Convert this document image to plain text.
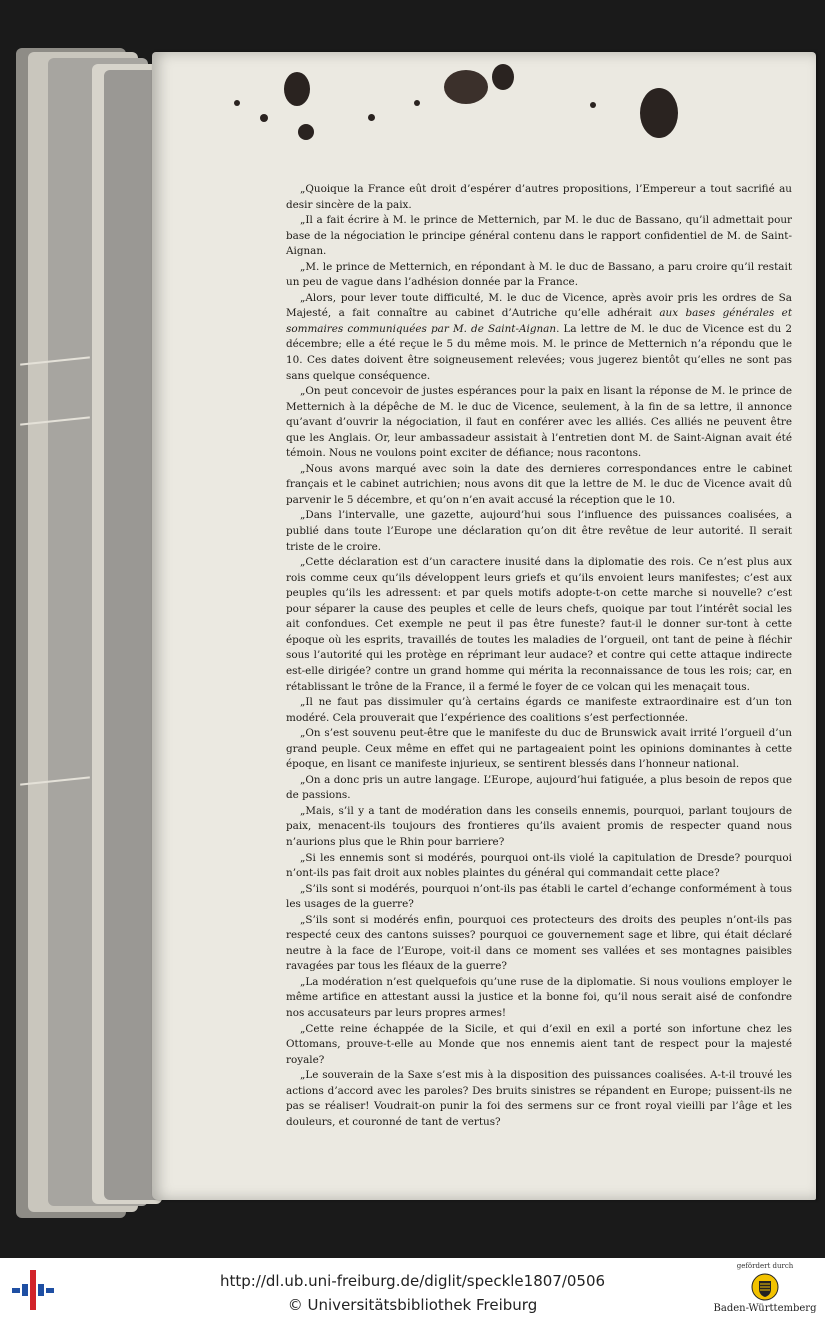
„Quoique la France eût droit d’espérer d’autres propositions, l’Empereur a tout sacrifié au desir sincère de la paix.

„Il a fait écrire à M. le prince de Metternich, par M. le duc de Bassano, qu’il admettait pour base de la négociation le principe général contenu dans le rapport confidentiel de M. de Saint-Aignan.

„M. le prince de Metternich, en répondant à M. le duc de Bassano, a paru croire qu’il restait un peu de vague dans l’adhésion donnée par la France.

„Alors, pour lever toute difficulté, M. le duc de Vicence, après avoir pris les ordres de Sa Majesté, a fait connaître au cabinet d’Autriche qu’elle adhérait aux bases générales et sommaires communiquées par M. de Saint-Aignan. La lettre de M. le duc de Vicence est du 2 décembre; elle a été reçue le 5 du même mois. M. le prince de Metternich n’a répondu que le 10. Ces dates doivent être soigneusement relevées; vous jugerez bientôt qu’elles ne sont pas sans quelque conséquence.

„On peut concevoir de justes espérances pour la paix en lisant la réponse de M. le prince de Metternich à la dépêche de M. le duc de Vicence, seulement, à la fin de sa lettre, il annonce qu’avant d’ouvrir la négociation, il faut en conférer avec les alliés. Ces alliés ne peuvent être que les Anglais. Or, leur ambassadeur assistait à l’entretien dont M. de Saint-Aignan avait été témoin. Nous ne voulons point exciter de défiance; nous racontons.

„Nous avons marqué avec soin la date des dernieres correspondances entre le cabinet français et le cabinet autrichien; nous avons dit que la lettre de M. le duc de Vicence avait dû parvenir le 5 décembre, et qu’on n’en avait accusé la réception que le 10.

„Dans l’intervalle, une gazette, aujourd’hui sous l’influence des puissances coalisées, a publié dans toute l’Europe une déclaration qu’on dit être revêtue de leur autorité. Il serait triste de le croire.

„Cette déclaration est d’un caractere inusité dans la diplomatie des rois. Ce n’est plus aux rois comme ceux qu’ils développent leurs griefs et qu’ils envoient leurs manifestes; c’est aux peuples qu’ils les adressent: et par quels motifs adopte-t-on cette marche si nouvelle? c’est pour séparer la cause des peuples et celle de leurs chefs, quoique par tout l’intérêt social les ait confondues. Cet exemple ne peut il pas être funeste? faut-il le donner sur-tont à cette époque où les esprits, travaillés de toutes les maladies de l’orgueil, ont tant de peine à fléchir sous l’autorité qui les protège en réprimant leur audace? et contre qui cette attaque indirecte est-elle dirigée? contre un grand homme qui mérita la reconnaissance de tous les rois; car, en rétablissant le trône de la France, il a fermé le foyer de ce volcan qui les menaçait tous.

„Il ne faut pas dissimuler qu’à certains égards ce manifeste extraordinaire est d’un ton modéré. Cela prouverait que l’expérience des coalitions s’est perfectionnée.

„On s’est souvenu peut-être que le manifeste du duc de Brunswick avait irrité l’orgueil d’un grand peuple. Ceux même en effet qui ne partageaient point les opinions dominantes à cette époque, en lisant ce manifeste injurieux, se sentirent blessés dans l’honneur national.

„On a donc pris un autre langage. L’Europe, aujourd’hui fatiguée, a plus besoin de repos que de passions.

„Mais, s’il y a tant de modération dans les conseils ennemis, pourquoi, parlant toujours de paix, menacent-ils toujours des frontieres qu’ils avaient promis de respecter quand nous n’aurions plus que le Rhin pour barriere?

„Si les ennemis sont si modérés, pourquoi ont-ils violé la capitulation de Dresde? pourquoi n’ont-ils pas fait droit aux nobles plaintes du général qui commandait cette place?

„S’ils sont si modérés, pourquoi n’ont-ils pas établi le cartel d’echange conformément à tous les usages de la guerre?

„S’ils sont si modérés enfin, pourquoi ces protecteurs des droits des peuples n’ont-ils pas respecté ceux des cantons suisses? pourquoi ce gouvernement sage et libre, qui était déclaré neutre à la face de l’Europe, voit-il dans ce moment ses vallées et ses montagnes paisibles ravagées par tous les fléaux de la guerre?

„La modération n’est quelquefois qu’une ruse de la diplomatie. Si nous voulions employer le même artifice en attestant aussi la justice et la bonne foi, qu’il nous serait aisé de confondre nos accusateurs par leurs propres armes!

„Cette reine échappée de la Sicile, et qui d’exil en exil a porté son infortune chez les Ottomans, prouve-t-elle au Monde que nos ennemis aient tant de respect pour la majesté royale?

„Le souverain de la Saxe s’est mis à la disposition des puissances coalisées. A-t-il trouvé les actions d’accord avec les paroles? Des bruits sinistres se répandent en Europe; puissent-ils ne pas se réaliser! Voudrait-on punir la foi des sermens sur ce front royal vieilli par l’âge et les douleurs, et couronné de tant de vertus?

http://dl.ub.uni-freiburg.de/diglit/speckle1807/0506
© Universitätsbibliothek Freiburg
gefördert durch
Baden-Württemberg
